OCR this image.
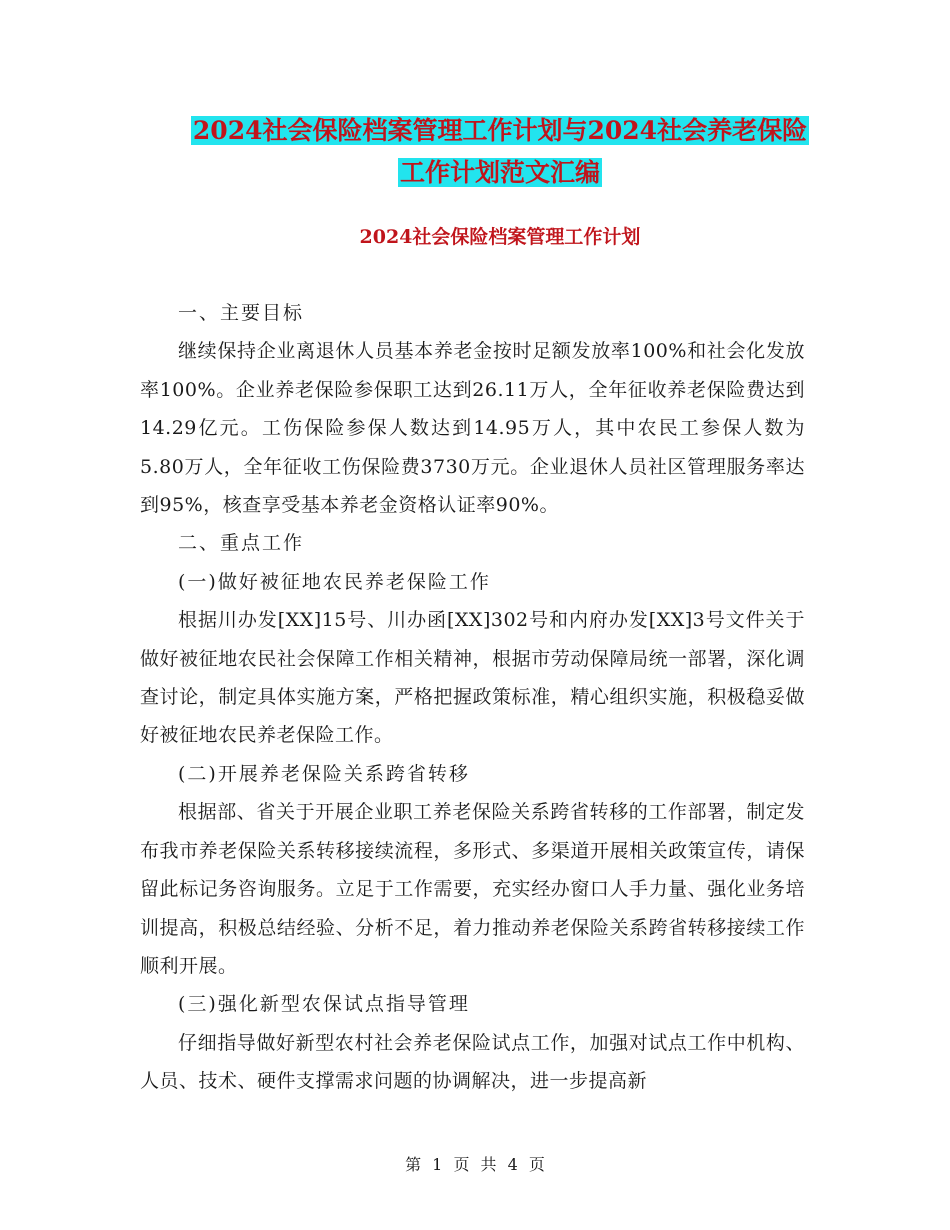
2024社会保险档案管理工作计划与2024社会养老保险
工作计划范文汇编
2024社会保险档案管理工作计划

一、主要目标

继续保持企业离退休人员基本养老金按时足额发放率100%和社会化发放率100%。企业养老保险参保职工达到26.11万人，全年征收养老保险费达到14.29亿元。工伤保险参保人数达到14.95万人，其中农民工参保人数为5.80万人，全年征收工伤保险费3730万元。企业退休人员社区管理服务率达到95%，核查享受基本养老金资格认证率90%。

二、重点工作

(一)做好被征地农民养老保险工作

根据川办发[XX]15号、川办函[XX]302号和内府办发[XX]3号文件关于做好被征地农民社会保障工作相关精神，根据市劳动保障局统一部署，深化调查讨论，制定具体实施方案，严格把握政策标准，精心组织实施，积极稳妥做好被征地农民养老保险工作。

(二)开展养老保险关系跨省转移

根据部、省关于开展企业职工养老保险关系跨省转移的工作部署，制定发布我市养老保险关系转移接续流程，多形式、多渠道开展相关政策宣传，请保留此标记务咨询服务。立足于工作需要，充实经办窗口人手力量、强化业务培训提高，积极总结经验、分析不足，着力推动养老保险关系跨省转移接续工作顺利开展。

(三)强化新型农保试点指导管理

仔细指导做好新型农村社会养老保险试点工作，加强对试点工作中机构、人员、技术、硬件支撑需求问题的协调解决，进一步提高新

第 1 页 共 4 页
